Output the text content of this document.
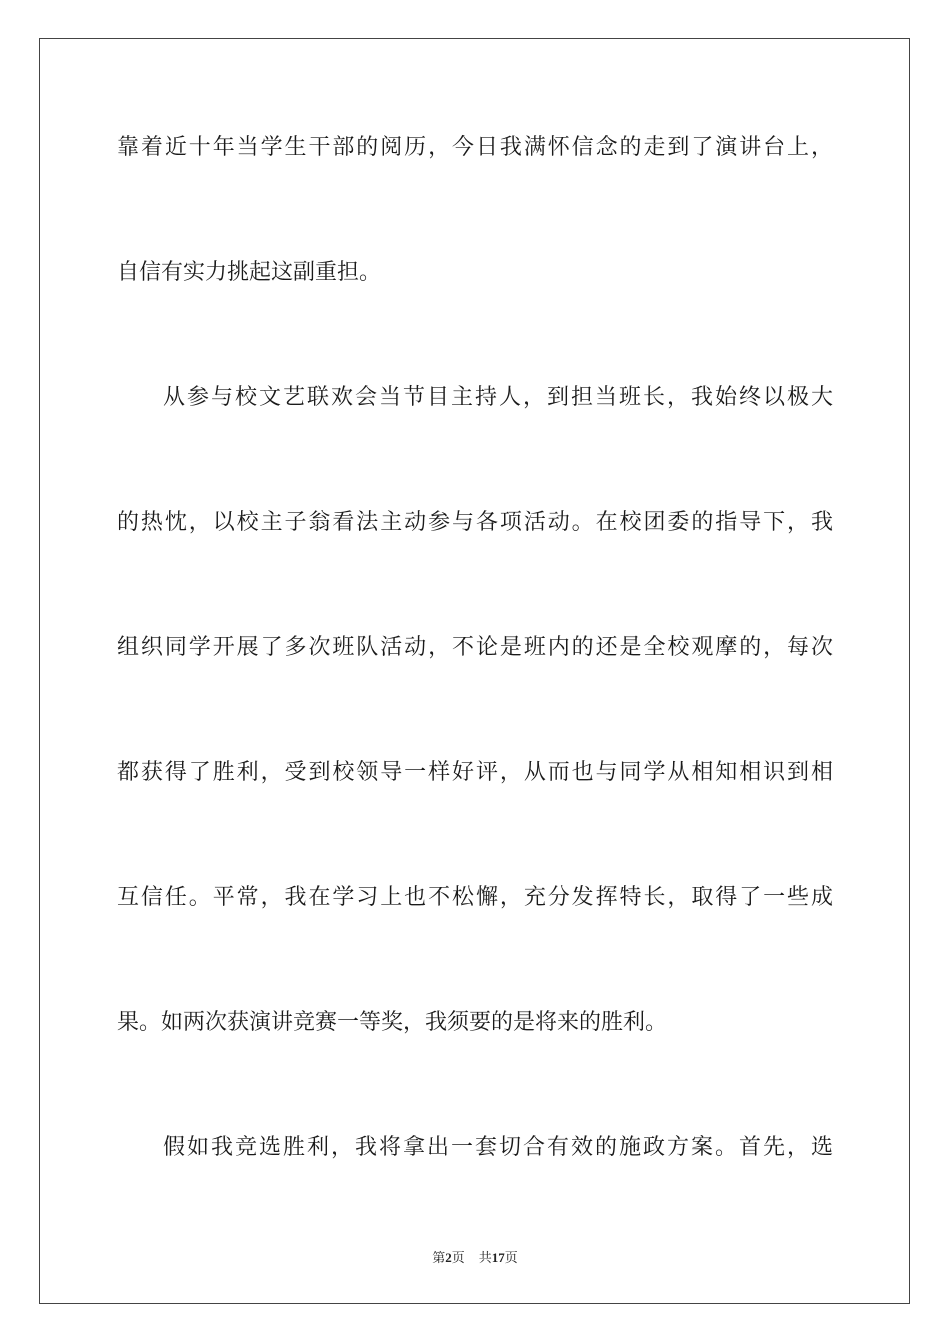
靠着近十年当学生干部的阅历，今日我满怀信念的走到了演讲台上，
自信有实力挑起这副重担。
从参与校文艺联欢会当节目主持人，到担当班长，我始终以极大
的热忱，以校主子翁看法主动参与各项活动。在校团委的指导下，我
组织同学开展了多次班队活动，不论是班内的还是全校观摩的，每次
都获得了胜利，受到校领导一样好评，从而也与同学从相知相识到相
互信任。平常，我在学习上也不松懈，充分发挥特长，取得了一些成
果。如两次获演讲竞赛一等奖，我须要的是将来的胜利。
假如我竞选胜利，我将拿出一套切合有效的施政方案。首先，选
第2页 共17页
